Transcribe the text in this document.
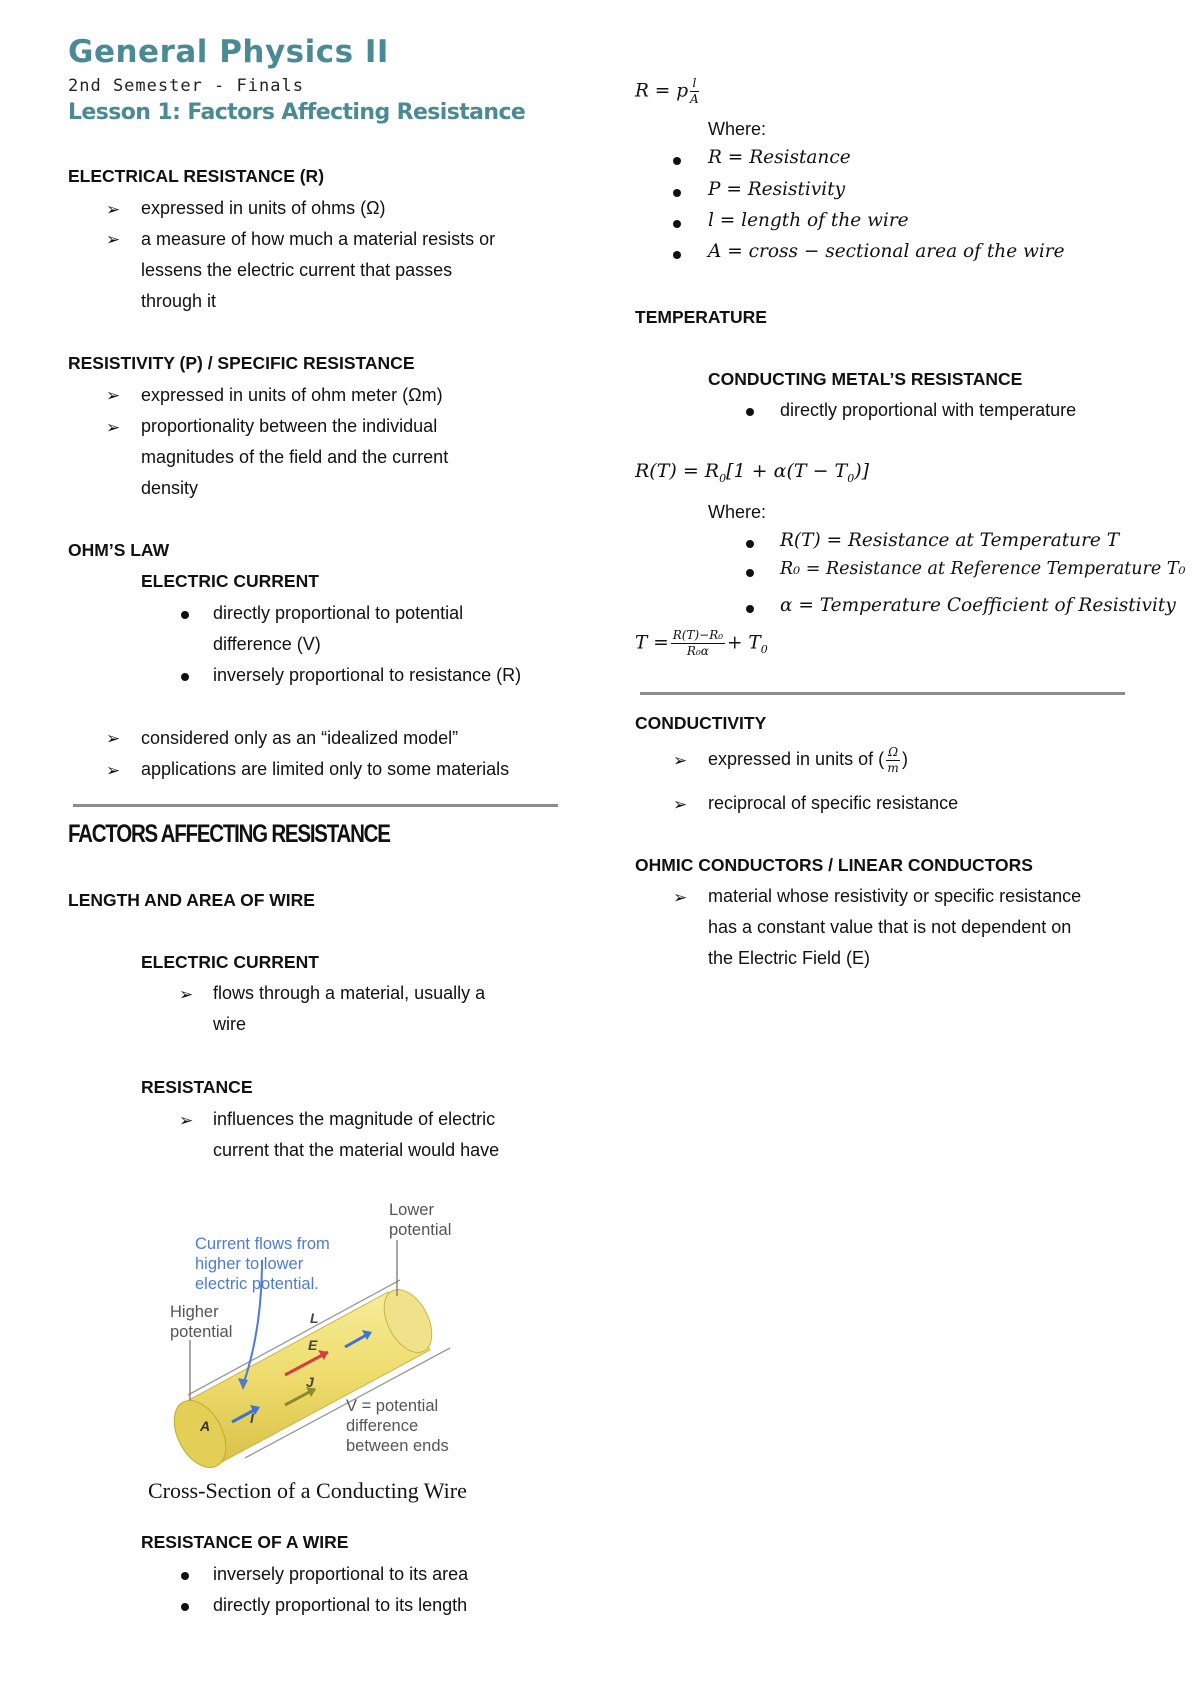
General Physics II
2nd Semester - Finals
Lesson 1: Factors Affecting Resistance
ELECTRICAL RESISTANCE (R)
➢ expressed in units of ohms (Ω)
➢ a measure of how much a material resists or
lessens the electric current that passes
through it
RESISTIVITY (P) / SPECIFIC RESISTANCE
➢ expressed in units of ohm meter (Ωm)
➢ proportionality between the individual
magnitudes of the field and the current
density
OHM’S LAW
ELECTRIC CURRENT
directly proportional to potential
difference (V)
inversely proportional to resistance (R)
➢ considered only as an “idealized model”
➢ applications are limited only to some materials
FACTORS AFFECTING RESISTANCE
LENGTH AND AREA OF WIRE
ELECTRIC CURRENT
➢ flows through a material, usually a
wire
RESISTANCE
➢ influences the magnitude of electric
current that the material would have
Current flows from
higher to lower
electric potential.
Lower
potential
Higher
potential
V = potential
difference
between ends
A
L
E
J
I
Cross-Section of a Conducting Wire
RESISTANCE OF A WIRE
inversely proportional to its area
directly proportional to its length
R = p $\frac{l}{A}$
Where:
R = Resistance
P = Resistivity
l = length of the wire
A = cross − sectional area of the wire
TEMPERATURE
CONDUCTING METAL’S RESISTANCE
directly proportional with temperature
$R(T) = R_0[1 + \alpha(T - T_0)]$
Where:
R(T) = Resistance at Temperature T
R₀ = Resistance at Reference Temperature T₀
α = Temperature Coefficient of Resistivity
$T = \frac{\text{R(T)−R₀}}{\text{R₀α}} + T_0$
CONDUCTIVITY
➢ expressed in units of ( $\frac{\Omega}{m}$ )
➢ reciprocal of specific resistance
OHMIC CONDUCTORS / LINEAR CONDUCTORS
➢ material whose resistivity or specific resistance
has a constant value that is not dependent on
the Electric Field (E)
